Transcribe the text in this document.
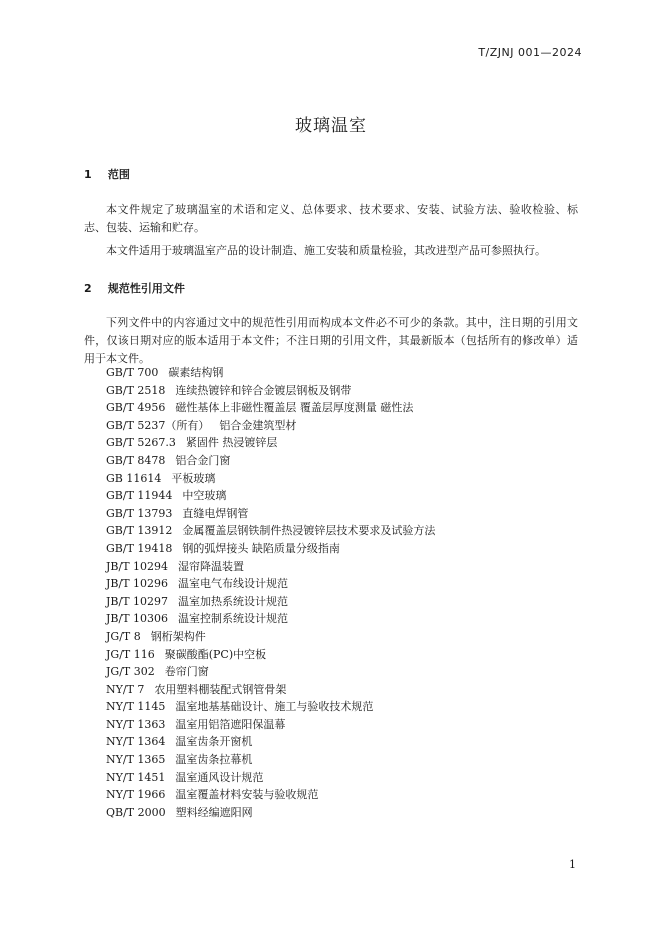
T/ZJNJ 001—2024
玻璃温室
1 范围
本文件规定了玻璃温室的术语和定义、总体要求、技术要求、安装、试验方法、验收检验、标志、包装、运输和贮存。
本文件适用于玻璃温室产品的设计制造、施工安装和质量检验，其改进型产品可参照执行。
2 规范性引用文件
下列文件中的内容通过文中的规范性引用而构成本文件必不可少的条款。其中，注日期的引用文件，仅该日期对应的版本适用于本文件；不注日期的引用文件，其最新版本（包括所有的修改单）适用于本文件。
GB/T 700 碳素结构钢
GB/T 2518 连续热镀锌和锌合金镀层钢板及钢带
GB/T 4956 磁性基体上非磁性覆盖层 覆盖层厚度测量 磁性法
GB/T 5237（所有） 铝合金建筑型材
GB/T 5267.3 紧固件 热浸镀锌层
GB/T 8478 铝合金门窗
GB 11614 平板玻璃
GB/T 11944 中空玻璃
GB/T 13793 直缝电焊钢管
GB/T 13912 金属覆盖层钢铁制件热浸镀锌层技术要求及试验方法
GB/T 19418 钢的弧焊接头 缺陷质量分级指南
JB/T 10294 湿帘降温装置
JB/T 10296 温室电气布线设计规范
JB/T 10297 温室加热系统设计规范
JB/T 10306 温室控制系统设计规范
JG/T 8 钢桁架构件
JG/T 116 聚碳酸酯(PC)中空板
JG/T 302 卷帘门窗
NY/T 7 农用塑料棚装配式钢管骨架
NY/T 1145 温室地基基础设计、施工与验收技术规范
NY/T 1363 温室用铝箔遮阳保温幕
NY/T 1364 温室齿条开窗机
NY/T 1365 温室齿条拉幕机
NY/T 1451 温室通风设计规范
NY/T 1966 温室覆盖材料安装与验收规范
QB/T 2000 塑料经编遮阳网
1
